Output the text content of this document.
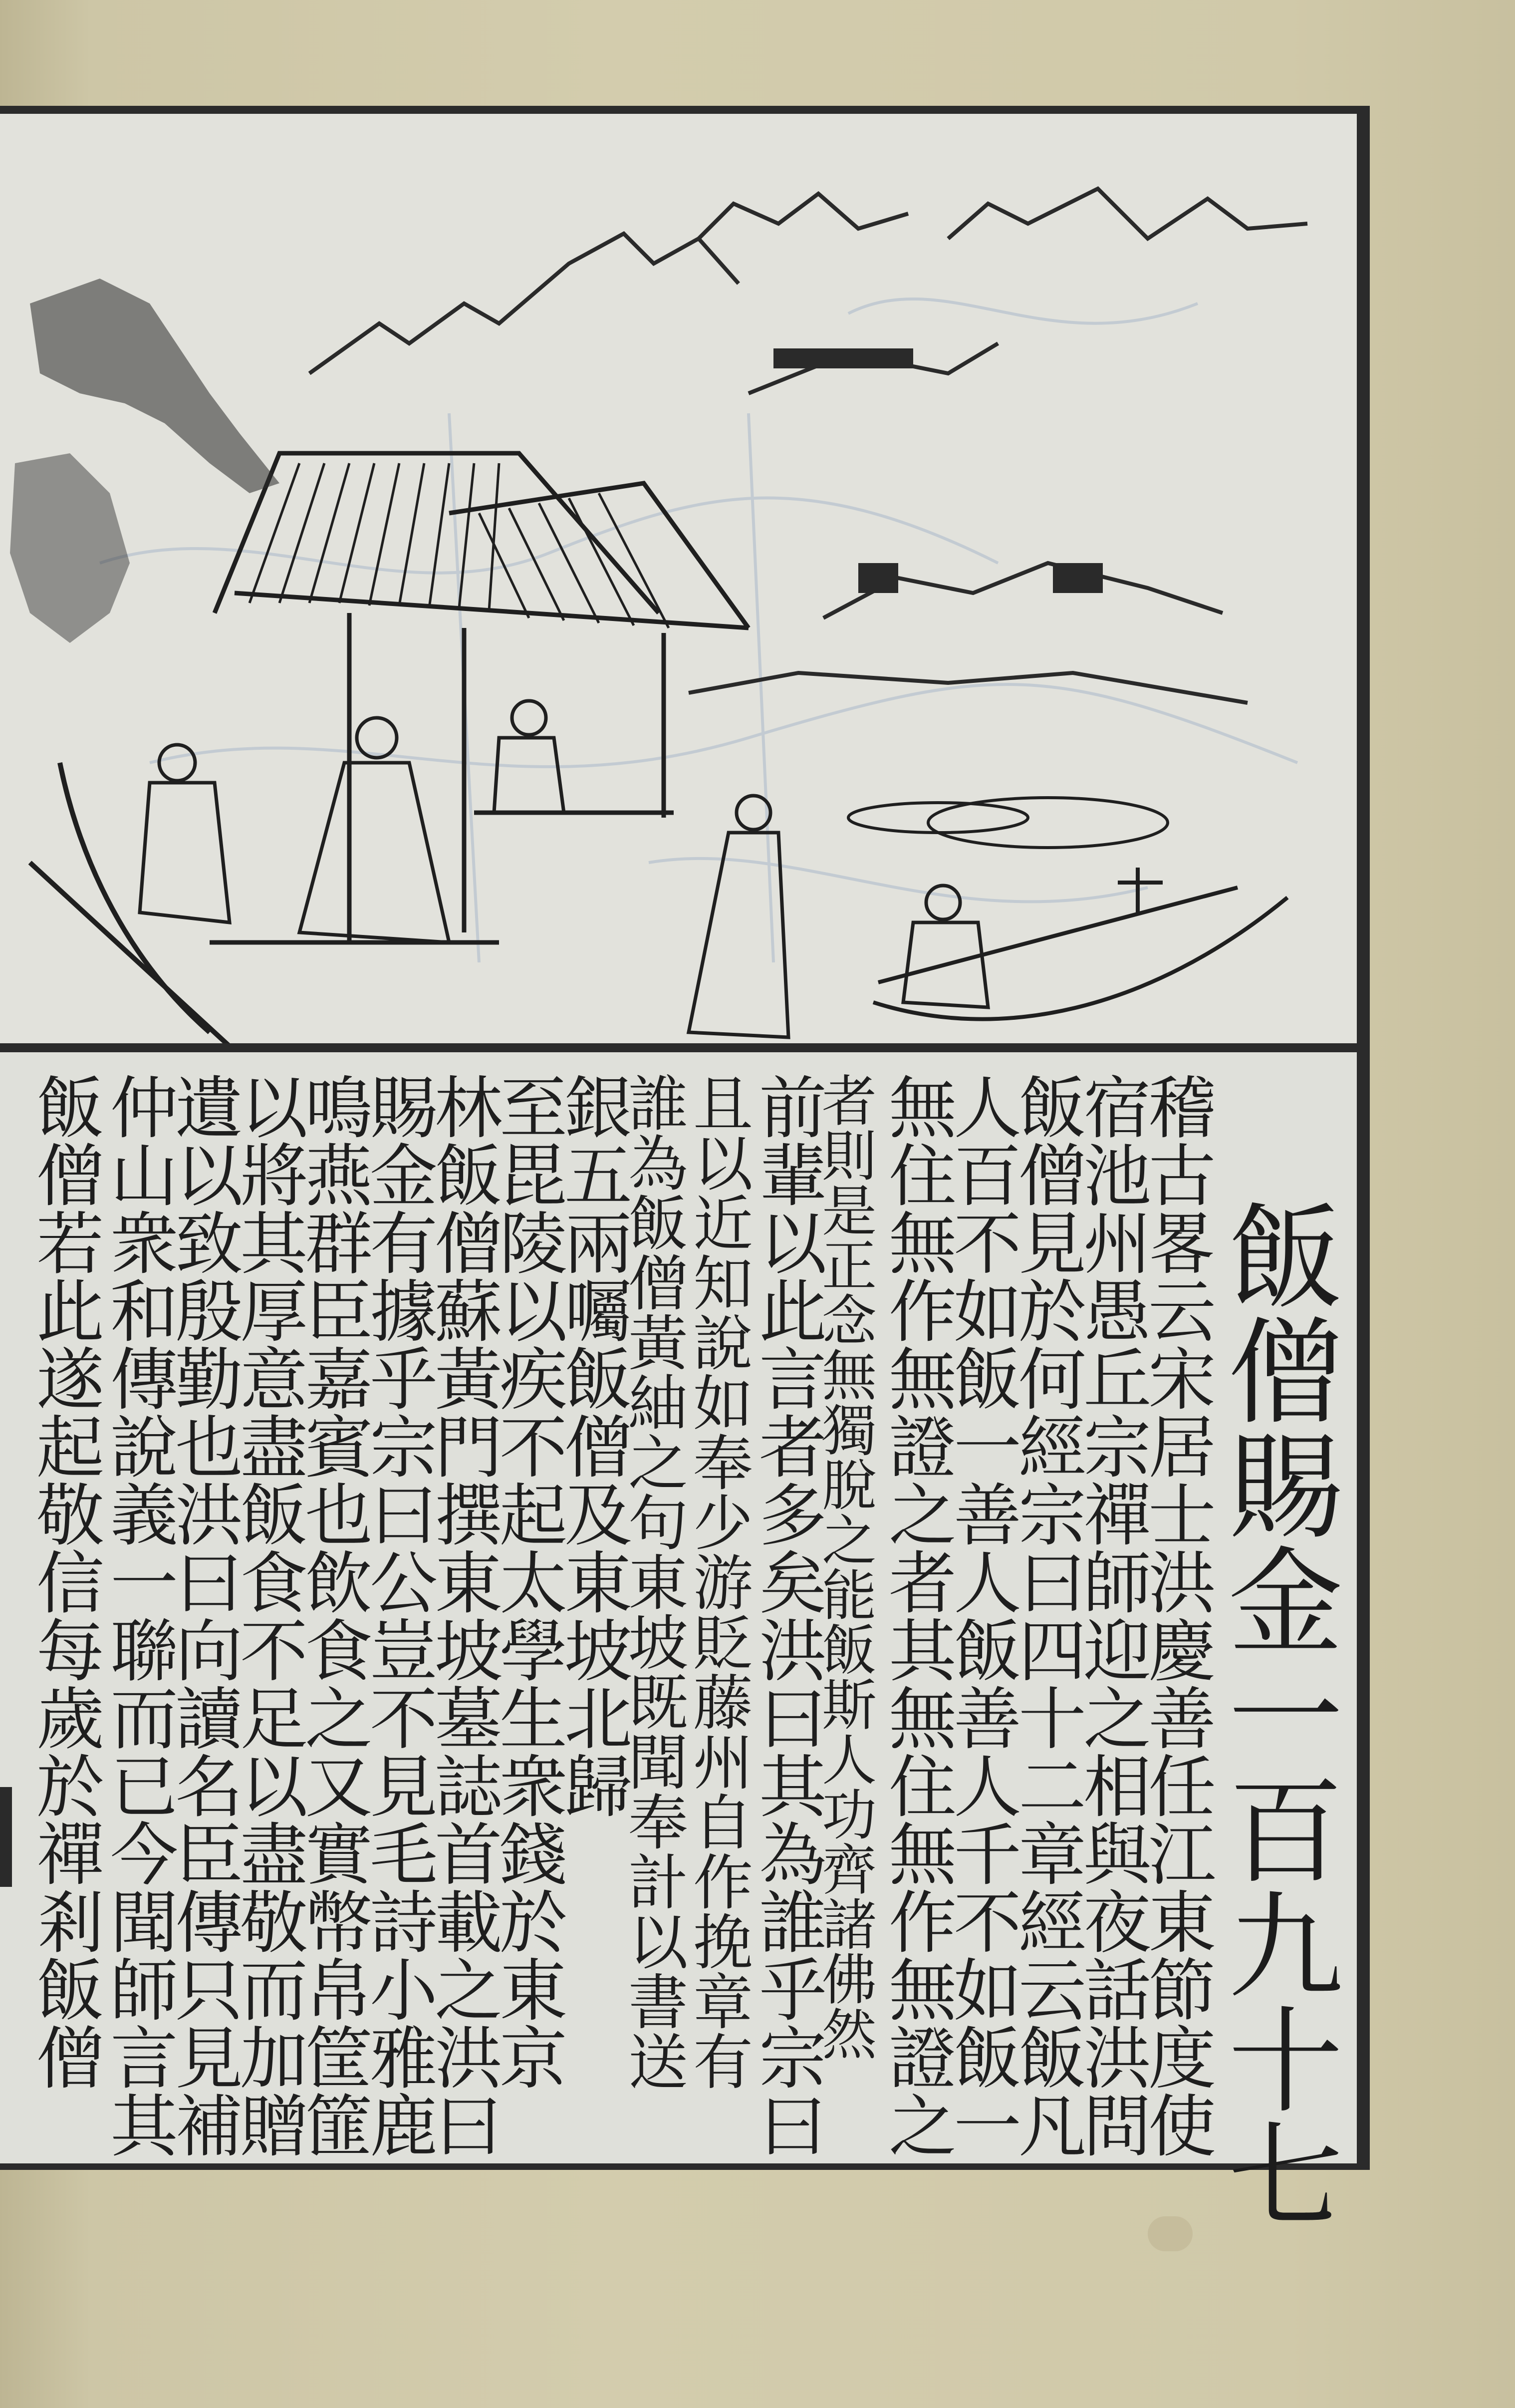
飯僧賜金一百九十七
稽古畧云宋居士洪慶善任江東節度使
宿池州愚丘宗禪師迎之相與夜話洪問
飯僧見於何經宗曰四十二章經云飯凡
人百不如飯一善人飯善人千不如飯一
無住無作無證之者其無住無作無證之
者則是正念無獨脫之能飯斯人功齊諸佛然
前輩以此言者多矣洪曰其為誰乎宗曰
且以近知說如奉少游貶藤州自作挽章有
誰為飯僧黃紬之句東坡既聞奉計以書送
銀五兩囑飯僧及東坡北歸
至毘陵以疾不起太學生衆錢於東京
林飯僧蘇黃門撰東坡墓誌首載之洪曰
賜金有據乎宗曰公豈不見毛詩小雅鹿
鳴燕群臣嘉賓也飲食之又實幣帛筐篚
以將其厚意盡飯食不足以盡敬而加贈
遺以致殷勤也洪曰向讀名臣傳只見補
仲山衆和傳說義一聯而已今聞師言其
飯僧若此遂起敬信每歲於禪剎飯僧
